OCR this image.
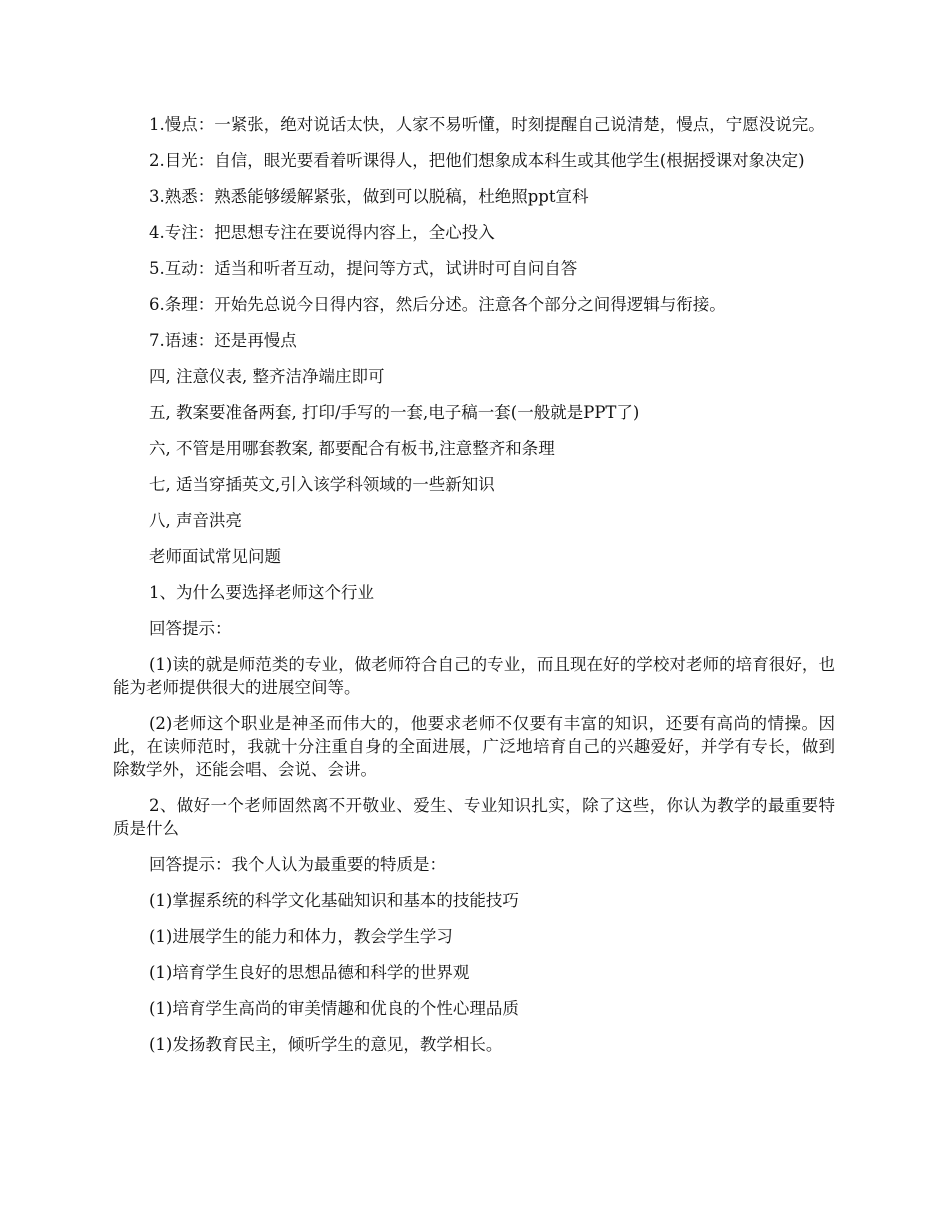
1.慢点：一紧张，绝对说话太快，人家不易听懂，时刻提醒自己说清楚，慢点，宁愿没说完。

2.目光：自信，眼光要看着听课得人，把他们想象成本科生或其他学生(根据授课对象决定)

3.熟悉：熟悉能够缓解紧张，做到可以脱稿，杜绝照ppt宣科

4.专注：把思想专注在要说得内容上，全心投入

5.互动：适当和听者互动，提问等方式，试讲时可自问自答

6.条理：开始先总说今日得内容，然后分述。注意各个部分之间得逻辑与衔接。

7.语速：还是再慢点

四, 注意仪表, 整齐洁净端庄即可

五, 教案要准备两套, 打印/手写的一套,电子稿一套(一般就是PPT了)

六, 不管是用哪套教案, 都要配合有板书,注意整齐和条理

七, 适当穿插英文,引入该学科领域的一些新知识

八, 声音洪亮

老师面试常见问题

1、为什么要选择老师这个行业

回答提示：

(1)读的就是师范类的专业，做老师符合自己的专业，而且现在好的学校对老师的培育很好，也能为老师提供很大的进展空间等。

(2)老师这个职业是神圣而伟大的，他要求老师不仅要有丰富的知识，还要有高尚的情操。因此，在读师范时，我就十分注重自身的全面进展，广泛地培育自己的兴趣爱好，并学有专长，做到除数学外，还能会唱、会说、会讲。

2、做好一个老师固然离不开敬业、爱生、专业知识扎实，除了这些，你认为教学的最重要特质是什么

回答提示：我个人认为最重要的特质是：

(1)掌握系统的科学文化基础知识和基本的技能技巧

(1)进展学生的能力和体力，教会学生学习

(1)培育学生良好的思想品德和科学的世界观

(1)培育学生高尚的审美情趣和优良的个性心理品质

(1)发扬教育民主，倾听学生的意见，教学相长。
